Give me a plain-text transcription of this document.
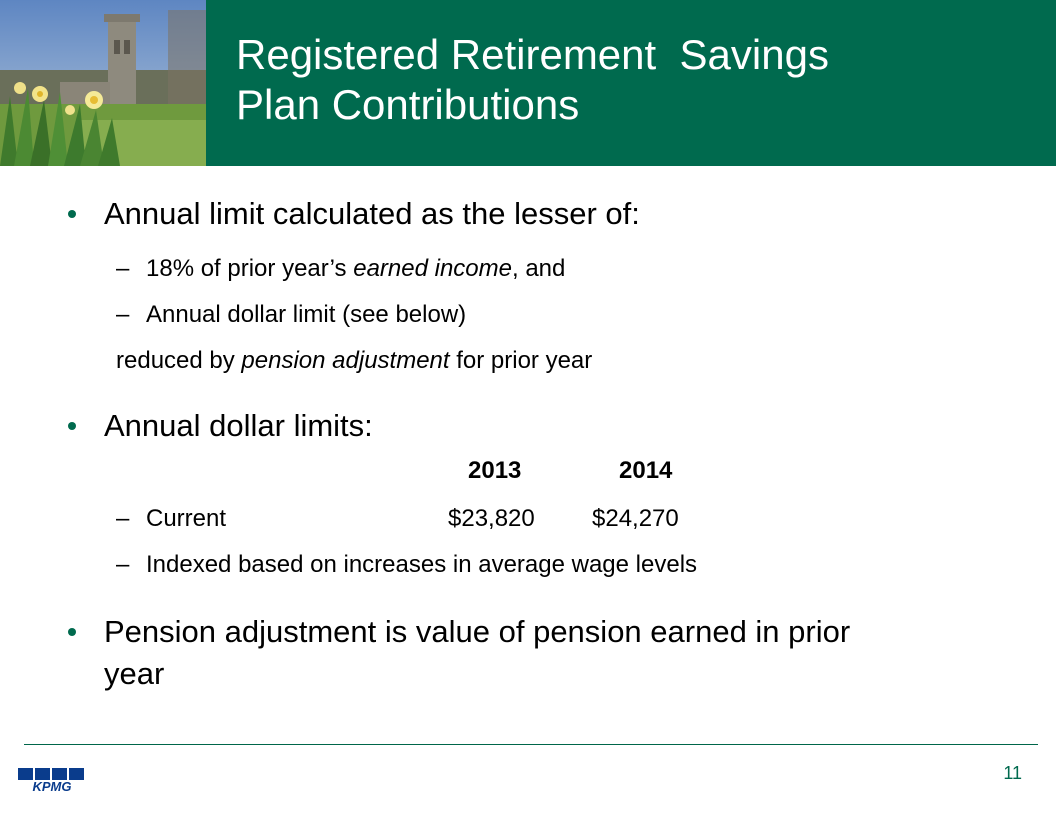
Registered Retirement  Savings
Plan Contributions
Annual limit calculated as the lesser of:
– 18% of prior year’s earned income, and
– Annual dollar limit (see below)
reduced by pension adjustment for prior year
Annual dollar limits:
2013	2014
– Current	$23,820 $24,270
– Indexed based on increases in average wage levels
Pension adjustment is value of pension earned in prior
year
11
KPMG
